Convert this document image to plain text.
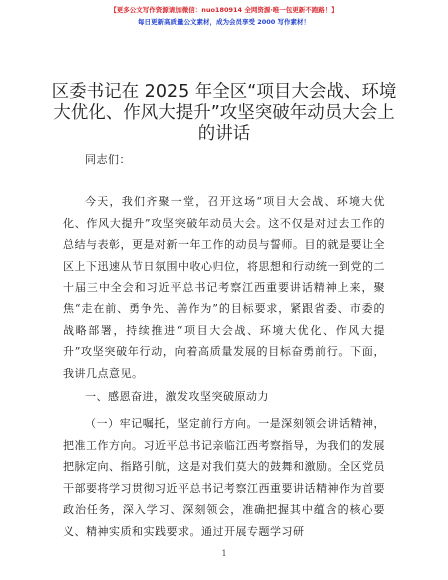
【更多公文写作资源请加微信：nuo180914 全网资源·唯一包更新不跑路！】
每日更新高质量公文素材，成为会员享受 2000 写作素材！
区委书记在 2025 年全区“项目大会战、环境大优化、作风大提升”攻坚突破年动员大会上的讲话

同志们：

今天，我们齐聚一堂，召开这场“项目大会战、环境大优化、作风大提升”攻坚突破年动员大会。这不仅是对过去工作的总结与表彰，更是对新一年工作的动员与誓师。目的就是要让全区上下迅速从节日氛围中收心归位，将思想和行动统一到党的二十届三中全会和习近平总书记考察江西重要讲话精神上来，聚焦“走在前、勇争先、善作为”的目标要求，紧跟省委、市委的战略部署，持续推进“项目大会战、环境大优化、作风大提升”攻坚突破年行动，向着高质量发展的目标奋勇前行。下面，我讲几点意见。

一、感恩奋进，激发攻坚突破原动力

（一）牢记嘱托，坚定前行方向。一是深刻领会讲话精神，把准工作方向。习近平总书记亲临江西考察指导，为我们的发展把脉定向、指路引航，这是对我们莫大的鼓舞和激励。全区党员干部要将学习贯彻习近平总书记考察江西重要讲话精神作为首要政治任务，深入学习、深刻领会，准确把握其中蕴含的核心要义、精神实质和实践要求。通过开展专题学习研

1
